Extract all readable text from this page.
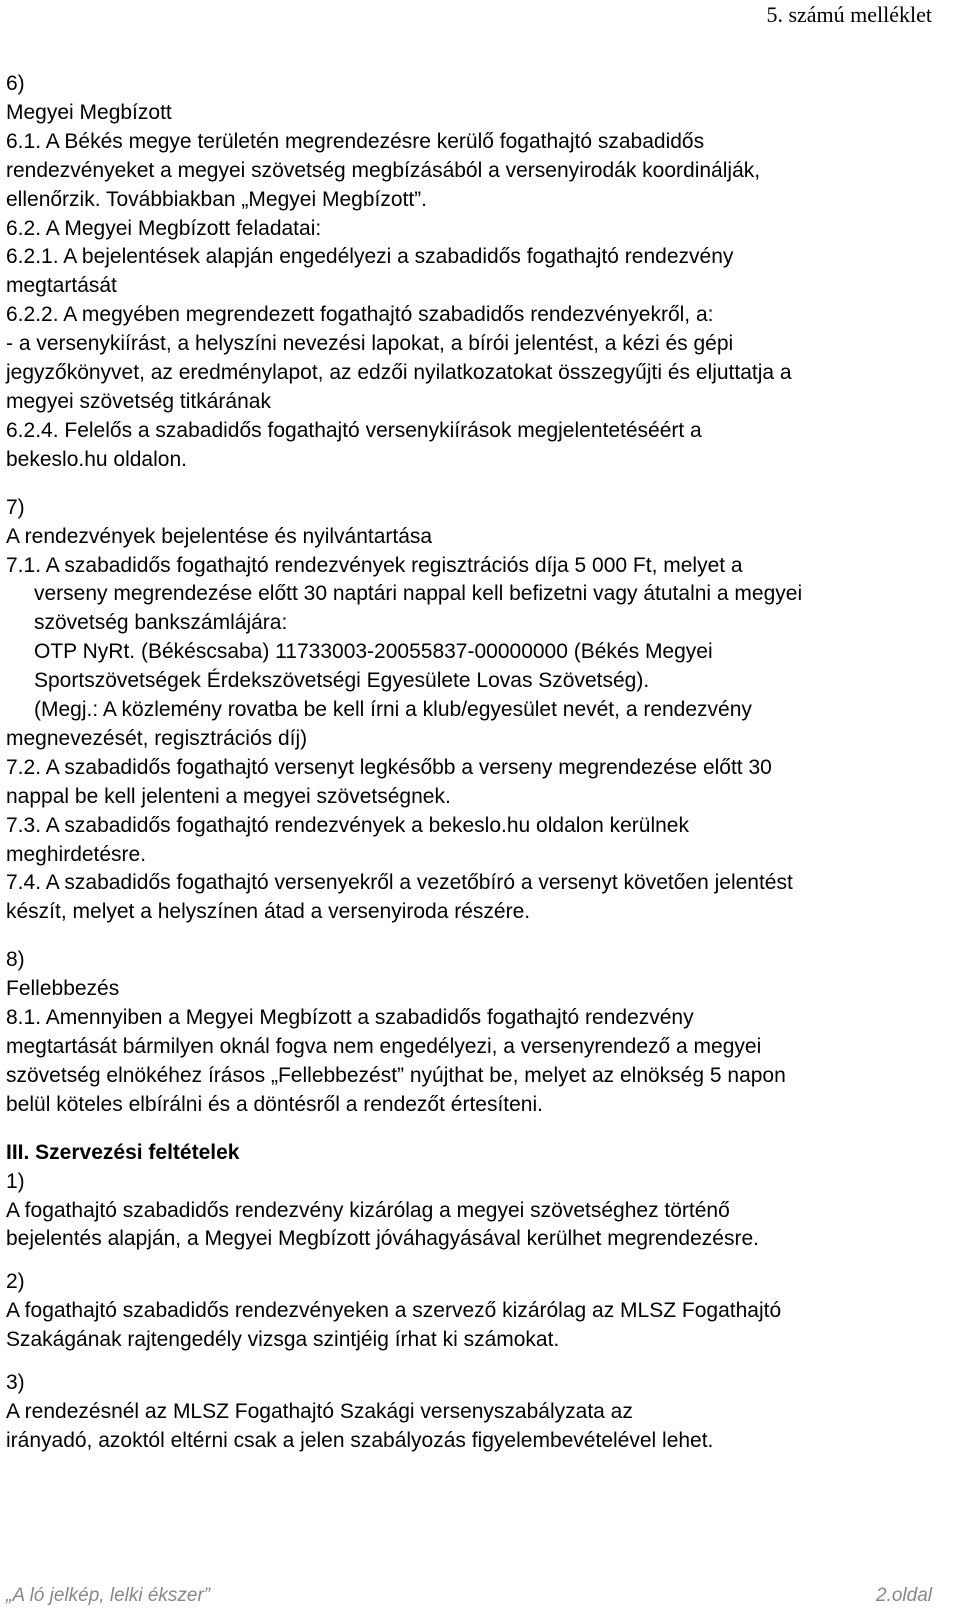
5. számú melléklet
6)
Megyei Megbízott
6.1. A Békés megye területén megrendezésre kerülő fogathajtó szabadidős
rendezvényeket a megyei szövetség megbízásából a versenyirodák koordinálják,
ellenőrzik. Továbbiakban „Megyei Megbízott”.
6.2. A Megyei Megbízott feladatai:
6.2.1. A bejelentések alapján engedélyezi a szabadidős fogathajtó rendezvény
megtartását
6.2.2. A megyében megrendezett fogathajtó szabadidős rendezvényekről, a:
- a versenykiírást, a helyszíni nevezési lapokat, a bírói jelentést, a kézi és gépi
jegyzőkönyvet, az eredménylapot, az edzői nyilatkozatokat összegyűjti és eljuttatja a
megyei szövetség titkárának
6.2.4. Felelős a szabadidős fogathajtó versenykiírások megjelentetéséért a
bekeslo.hu oldalon.
7)
A rendezvények bejelentése és nyilvántartása
7.1. A szabadidős fogathajtó rendezvények regisztrációs díja 5 000 Ft, melyet a
verseny megrendezése előtt 30 naptári nappal kell befizetni vagy átutalni a megyei
szövetség bankszámlájára:
OTP NyRt. (Békéscsaba) 11733003-20055837-00000000 (Békés Megyei
Sportszövetségek Érdekszövetségi Egyesülete Lovas Szövetség).
(Megj.: A közlemény rovatba be kell írni a klub/egyesület nevét, a rendezvény
megnevezését, regisztrációs díj)
7.2. A szabadidős fogathajtó versenyt legkésőbb a verseny megrendezése előtt 30
nappal be kell jelenteni a megyei szövetségnek.
7.3. A szabadidős fogathajtó rendezvények a bekeslo.hu oldalon kerülnek
meghirdetésre.
7.4. A szabadidős fogathajtó versenyekről a vezetőbíró a versenyt követően jelentést
készít, melyet a helyszínen átad a versenyiroda részére.
8)
Fellebbezés
8.1. Amennyiben a Megyei Megbízott a szabadidős fogathajtó rendezvény
megtartását bármilyen oknál fogva nem engedélyezi, a versenyrendező a megyei
szövetség elnökéhez írásos „Fellebbezést” nyújthat be, melyet az elnökség 5 napon
belül köteles elbírálni és a döntésről a rendezőt értesíteni.
III. Szervezési feltételek
1)
A fogathajtó szabadidős rendezvény kizárólag a megyei szövetséghez történő
bejelentés alapján, a Megyei Megbízott jóváhagyásával kerülhet megrendezésre.
2)
A fogathajtó szabadidős rendezvényeken a szervező kizárólag az MLSZ Fogathajtó
Szakágának rajtengedély vizsga szintjéig írhat ki számokat.
3)
A rendezésnél az MLSZ Fogathajtó Szakági versenyszabályzata az
irányadó, azoktól eltérni csak a jelen szabályozás figyelembevételével lehet.
„A ló jelkép, lelki ékszer”	2.oldal
